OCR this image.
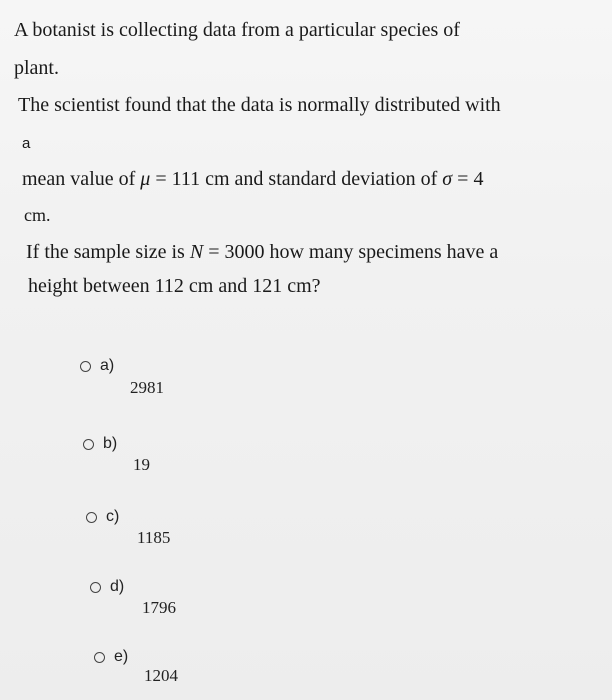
A botanist is collecting data from a particular species of
plant.
The scientist found that the data is normally distributed with
a
mean value of μ = 111 cm and standard deviation of σ = 4
cm.
If the sample size is N = 3000 how many specimens have a
height between 112 cm and 121 cm?
a)
2981
b)
19
c)
1185
d)
1796
e)
1204
